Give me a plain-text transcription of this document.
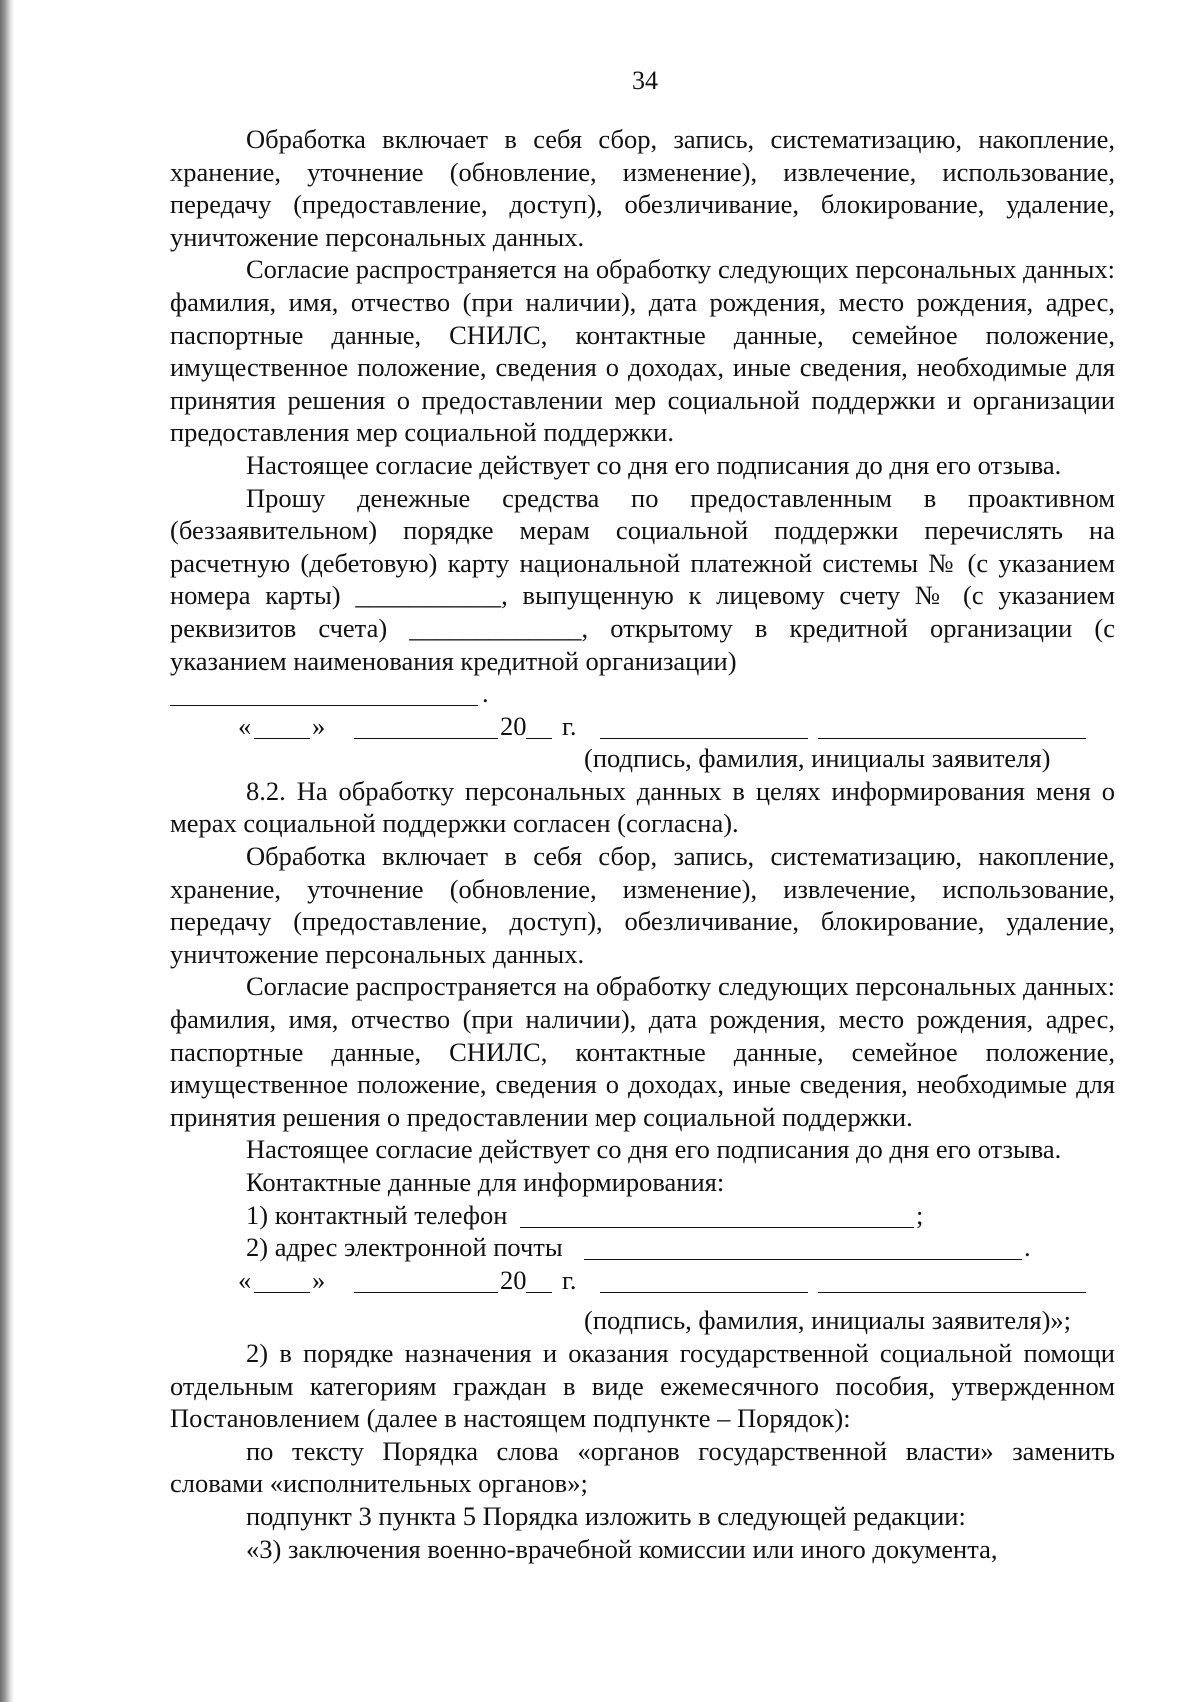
34

Обработка включает в себя сбор, запись, систематизацию, накопление, хранение, уточнение (обновление, изменение), извлечение, использование, передачу (предоставление, доступ), обезличивание, блокирование, удаление, уничтожение персональных данных.

Согласие распространяется на обработку следующих персональных данных: фамилия, имя, отчество (при наличии), дата рождения, место рождения, адрес, паспортные данные, СНИЛС, контактные данные, семейное положение, имущественное положение, сведения о доходах, иные сведения, необходимые для принятия решения о предоставлении мер социальной поддержки и организации предоставления мер социальной поддержки.

Настоящее согласие действует со дня его подписания до дня его отзыва.

Прошу денежные средства по предоставленным в проактивном (беззаявительном) порядке мерам социальной поддержки перечислять на расчетную (дебетовую) карту национальной платежной системы № (с указанием номера карты) ___________, выпущенную к лицевому счету № (с указанием реквизитов счета) _____________, открытому в кредитной организации (с указанием наименования кредитной организации)

.
« »	20 г.
(подпись, фамилия, инициалы заявителя)

8.2. На обработку персональных данных в целях информирования меня о мерах социальной поддержки согласен (согласна).

Обработка включает в себя сбор, запись, систематизацию, накопление, хранение, уточнение (обновление, изменение), извлечение, использование, передачу (предоставление, доступ), обезличивание, блокирование, удаление, уничтожение персональных данных.

Согласие распространяется на обработку следующих персональных данных: фамилия, имя, отчество (при наличии), дата рождения, место рождения, адрес, паспортные данные, СНИЛС, контактные данные, семейное положение, имущественное положение, сведения о доходах, иные сведения, необходимые для принятия решения о предоставлении мер социальной поддержки.

Настоящее согласие действует со дня его подписания до дня его отзыва.

Контактные данные для информирования:

1) контактный телефон	;
2) адрес электронной почты	.
« »	20 г.
(подпись, фамилия, инициалы заявителя)»;

2) в порядке назначения и оказания государственной социальной помощи отдельным категориям граждан в виде ежемесячного пособия, утвержденном Постановлением (далее в настоящем подпункте – Порядок):

по тексту Порядка слова «органов государственной власти» заменить словами «исполнительных органов»;

подпункт 3 пункта 5 Порядка изложить в следующей редакции:

«3) заключения военно-врачебной комиссии или иного документа,
